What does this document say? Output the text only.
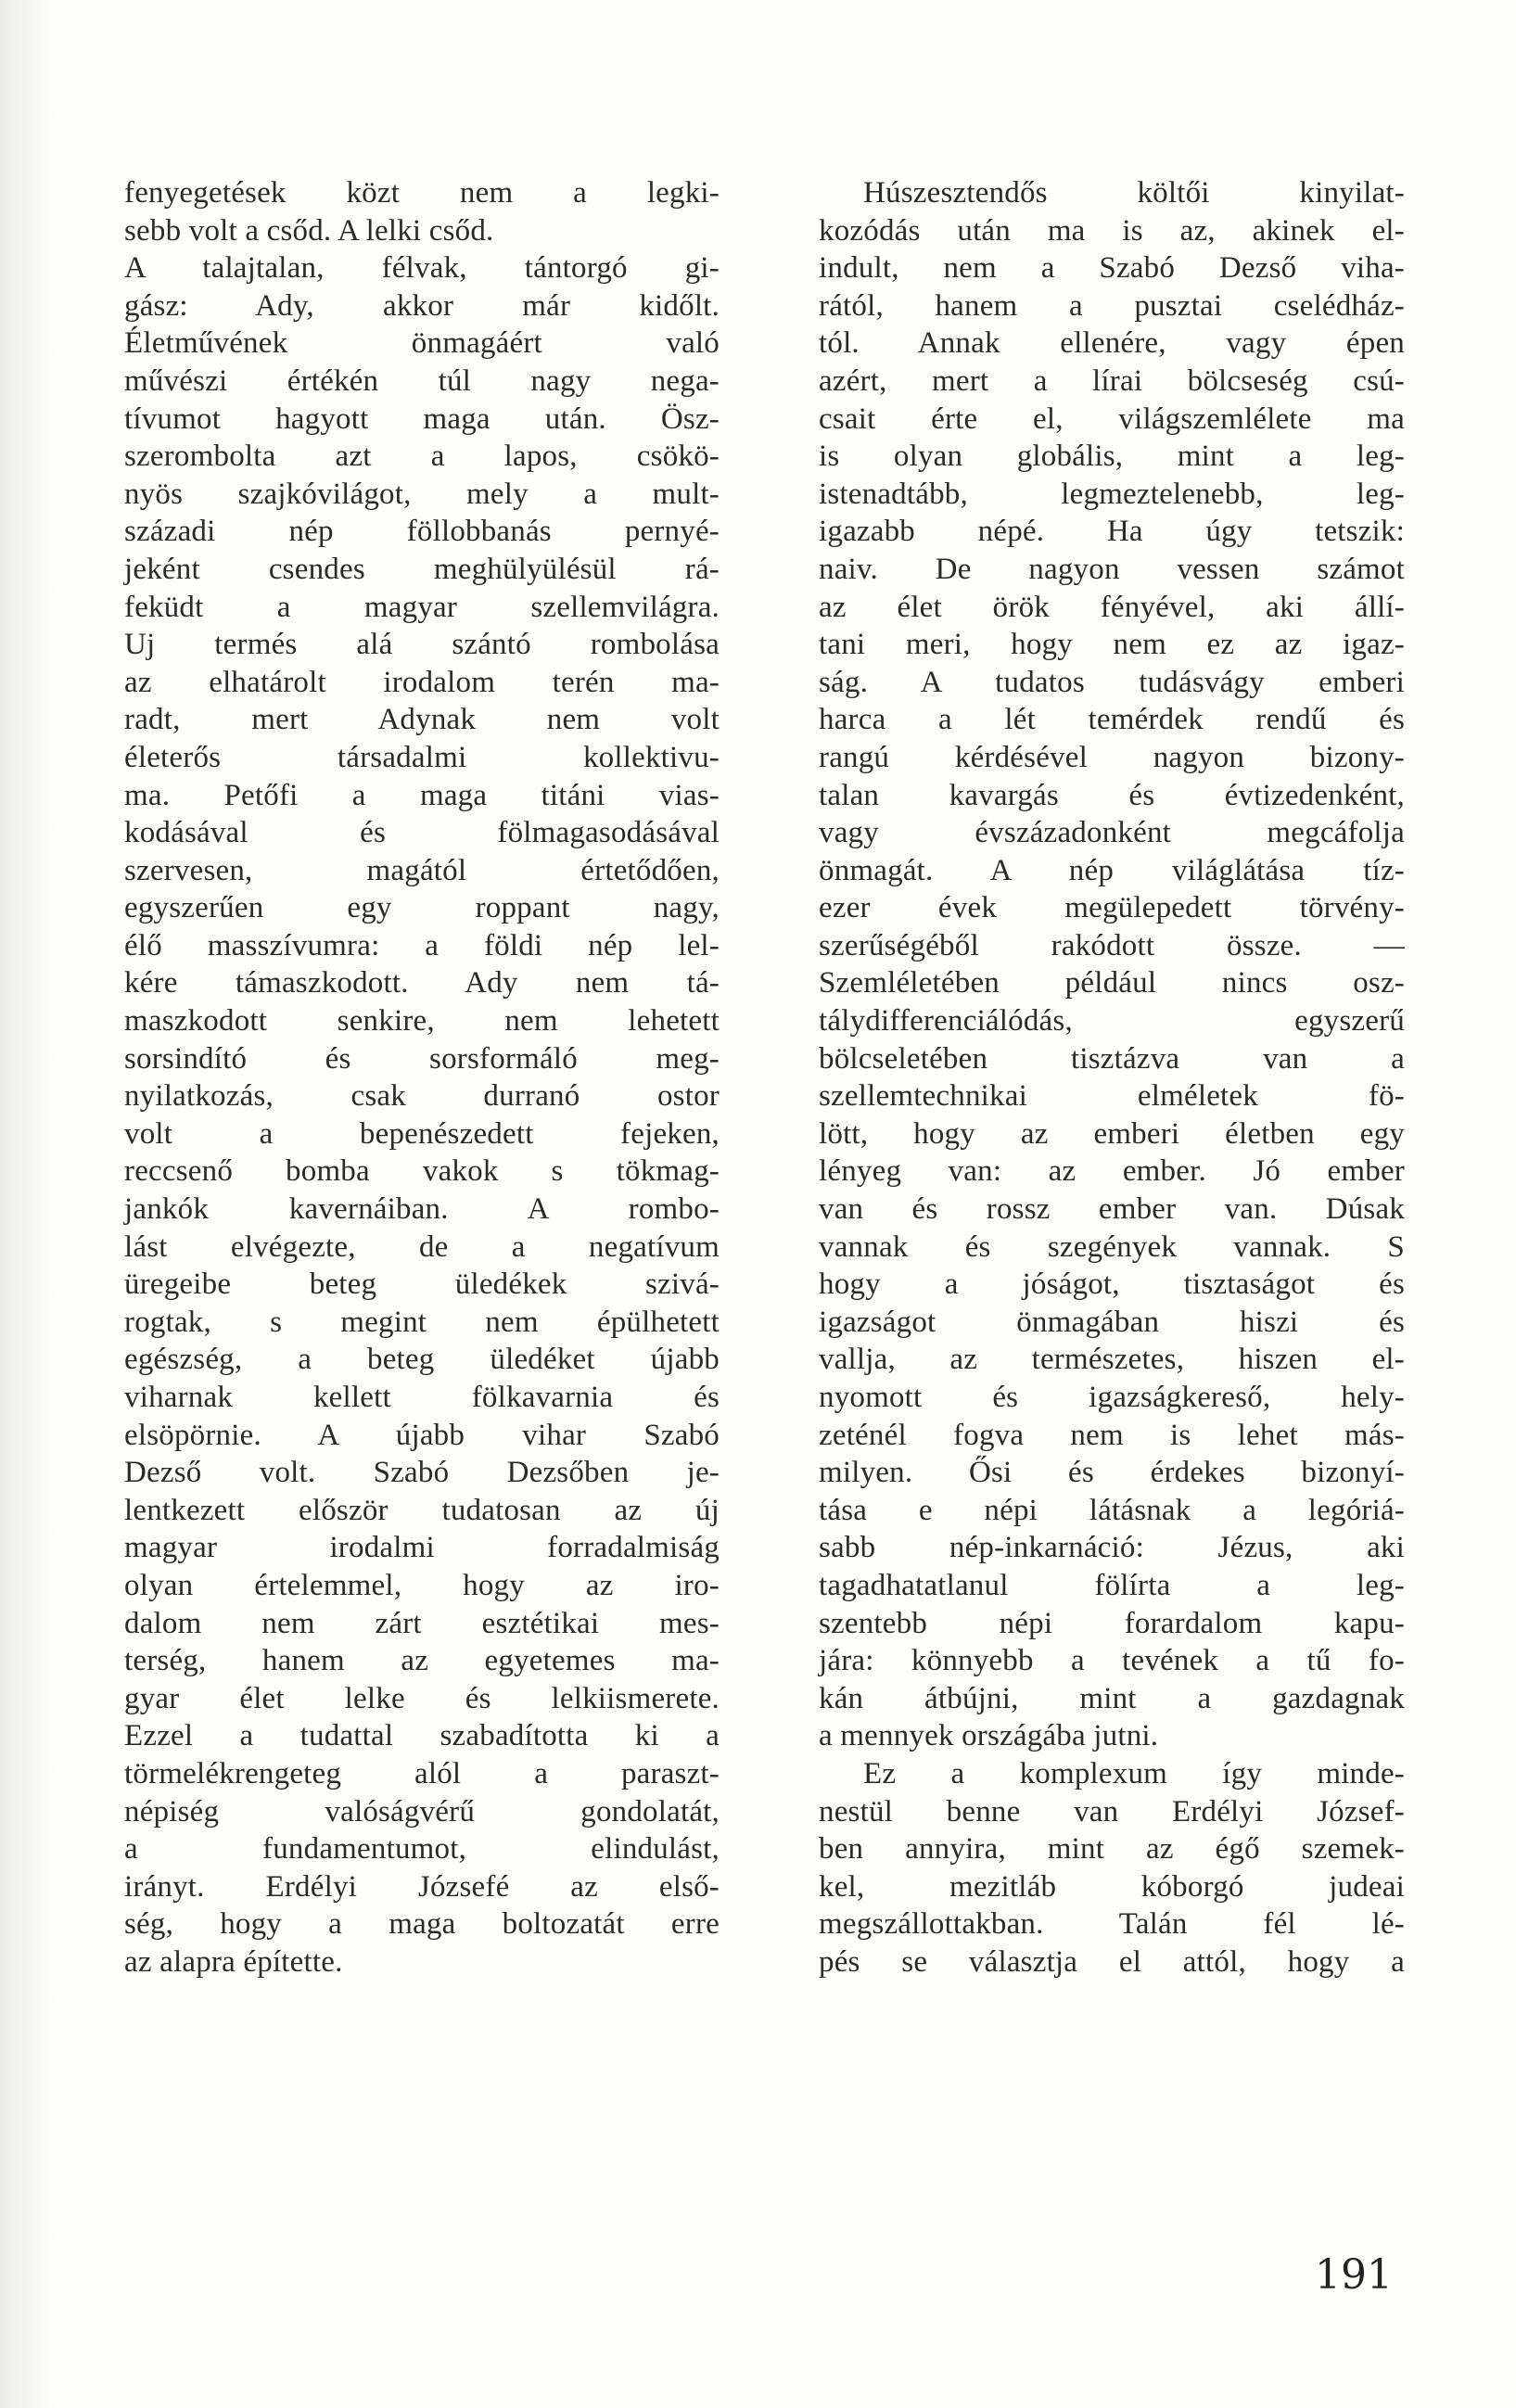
fenyegetések közt nem a legki-
sebb volt a csőd. A lelki csőd.
A talajtalan, félvak, tántorgó gi-
gász: Ady, akkor már kidőlt.
Életművének önmagáért való
művészi értékén túl nagy nega-
tívumot hagyott maga után. Ösz-
szerombolta azt a lapos, csökö-
nyös szajkóvilágot, mely a mult-
századi nép föllobbanás pernyé-
jeként csendes meghülyülésül rá-
feküdt a magyar szellemvilágra.
Uj termés alá szántó rombolása
az elhatárolt irodalom terén ma-
radt, mert Adynak nem volt
életerős társadalmi kollektivu-
ma. Petőfi a maga titáni vias-
kodásával és fölmagasodásával
szervesen, magától értetődően,
egyszerűen egy roppant nagy,
élő masszívumra: a földi nép lel-
kére támaszkodott. Ady nem tá-
maszkodott senkire, nem lehetett
sorsindító és sorsformáló meg-
nyilatkozás, csak durranó ostor
volt a bepenészedett fejeken,
reccsenő bomba vakok s tökmag-
jankók kavernáiban. A rombo-
lást elvégezte, de a negatívum
üregeibe beteg üledékek szivá-
rogtak, s megint nem épülhetett
egészség, a beteg üledéket újabb
viharnak kellett fölkavarnia és
elsöpörnie. A újabb vihar Szabó
Dezső volt. Szabó Dezsőben je-
lentkezett először tudatosan az új
magyar irodalmi forradalmiság
olyan értelemmel, hogy az iro-
dalom nem zárt esztétikai mes-
terség, hanem az egyetemes ma-
gyar élet lelke és lelkiismerete.
Ezzel a tudattal szabadította ki a
törmelékrengeteg alól a paraszt-
népiség valóságvérű gondolatát,
a fundamentumot, elindulást,
irányt. Erdélyi Józsefé az első-
ség, hogy a maga boltozatát erre
az alapra építette.
Húszesztendős költői kinyilat-
kozódás után ma is az, akinek el-
indult, nem a Szabó Dezső viha-
rától, hanem a pusztai cselédház-
tól. Annak ellenére, vagy épen
azért, mert a lírai bölcseség csú-
csait érte el, világszemlélete ma
is olyan globális, mint a leg-
istenadtább, legmeztelenebb, leg-
igazabb népé. Ha úgy tetszik:
naiv. De nagyon vessen számot
az élet örök fényével, aki állí-
tani meri, hogy nem ez az igaz-
ság. A tudatos tudásvágy emberi
harca a lét temérdek rendű és
rangú kérdésével nagyon bizony-
talan kavargás és évtizedenként,
vagy évszázadonként megcáfolja
önmagát. A nép világlátása tíz-
ezer évek megülepedett törvény-
szerűségéből rakódott össze. —
Szemléletében például nincs osz-
tálydifferenciálódás, egyszerű
bölcseletében tisztázva van a
szellemtechnikai elméletek fö-
lött, hogy az emberi életben egy
lényeg van: az ember. Jó ember
van és rossz ember van. Dúsak
vannak és szegények vannak. S
hogy a jóságot, tisztaságot és
igazságot önmagában hiszi és
vallja, az természetes, hiszen el-
nyomott és igazságkereső, hely-
zeténél fogva nem is lehet más-
milyen. Ősi és érdekes bizonyí-
tása e népi látásnak a legóriá-
sabb nép-inkarnáció: Jézus, aki
tagadhatatlanul fölírta a leg-
szentebb népi forardalom kapu-
jára: könnyebb a tevének a tű fo-
kán átbújni, mint a gazdagnak
a mennyek országába jutni.
Ez a komplexum így minde-
nestül benne van Erdélyi József-
ben annyira, mint az égő szemek-
kel, mezitláb kóborgó judeai
megszállottakban. Talán fél lé-
pés se választja el attól, hogy a
191
